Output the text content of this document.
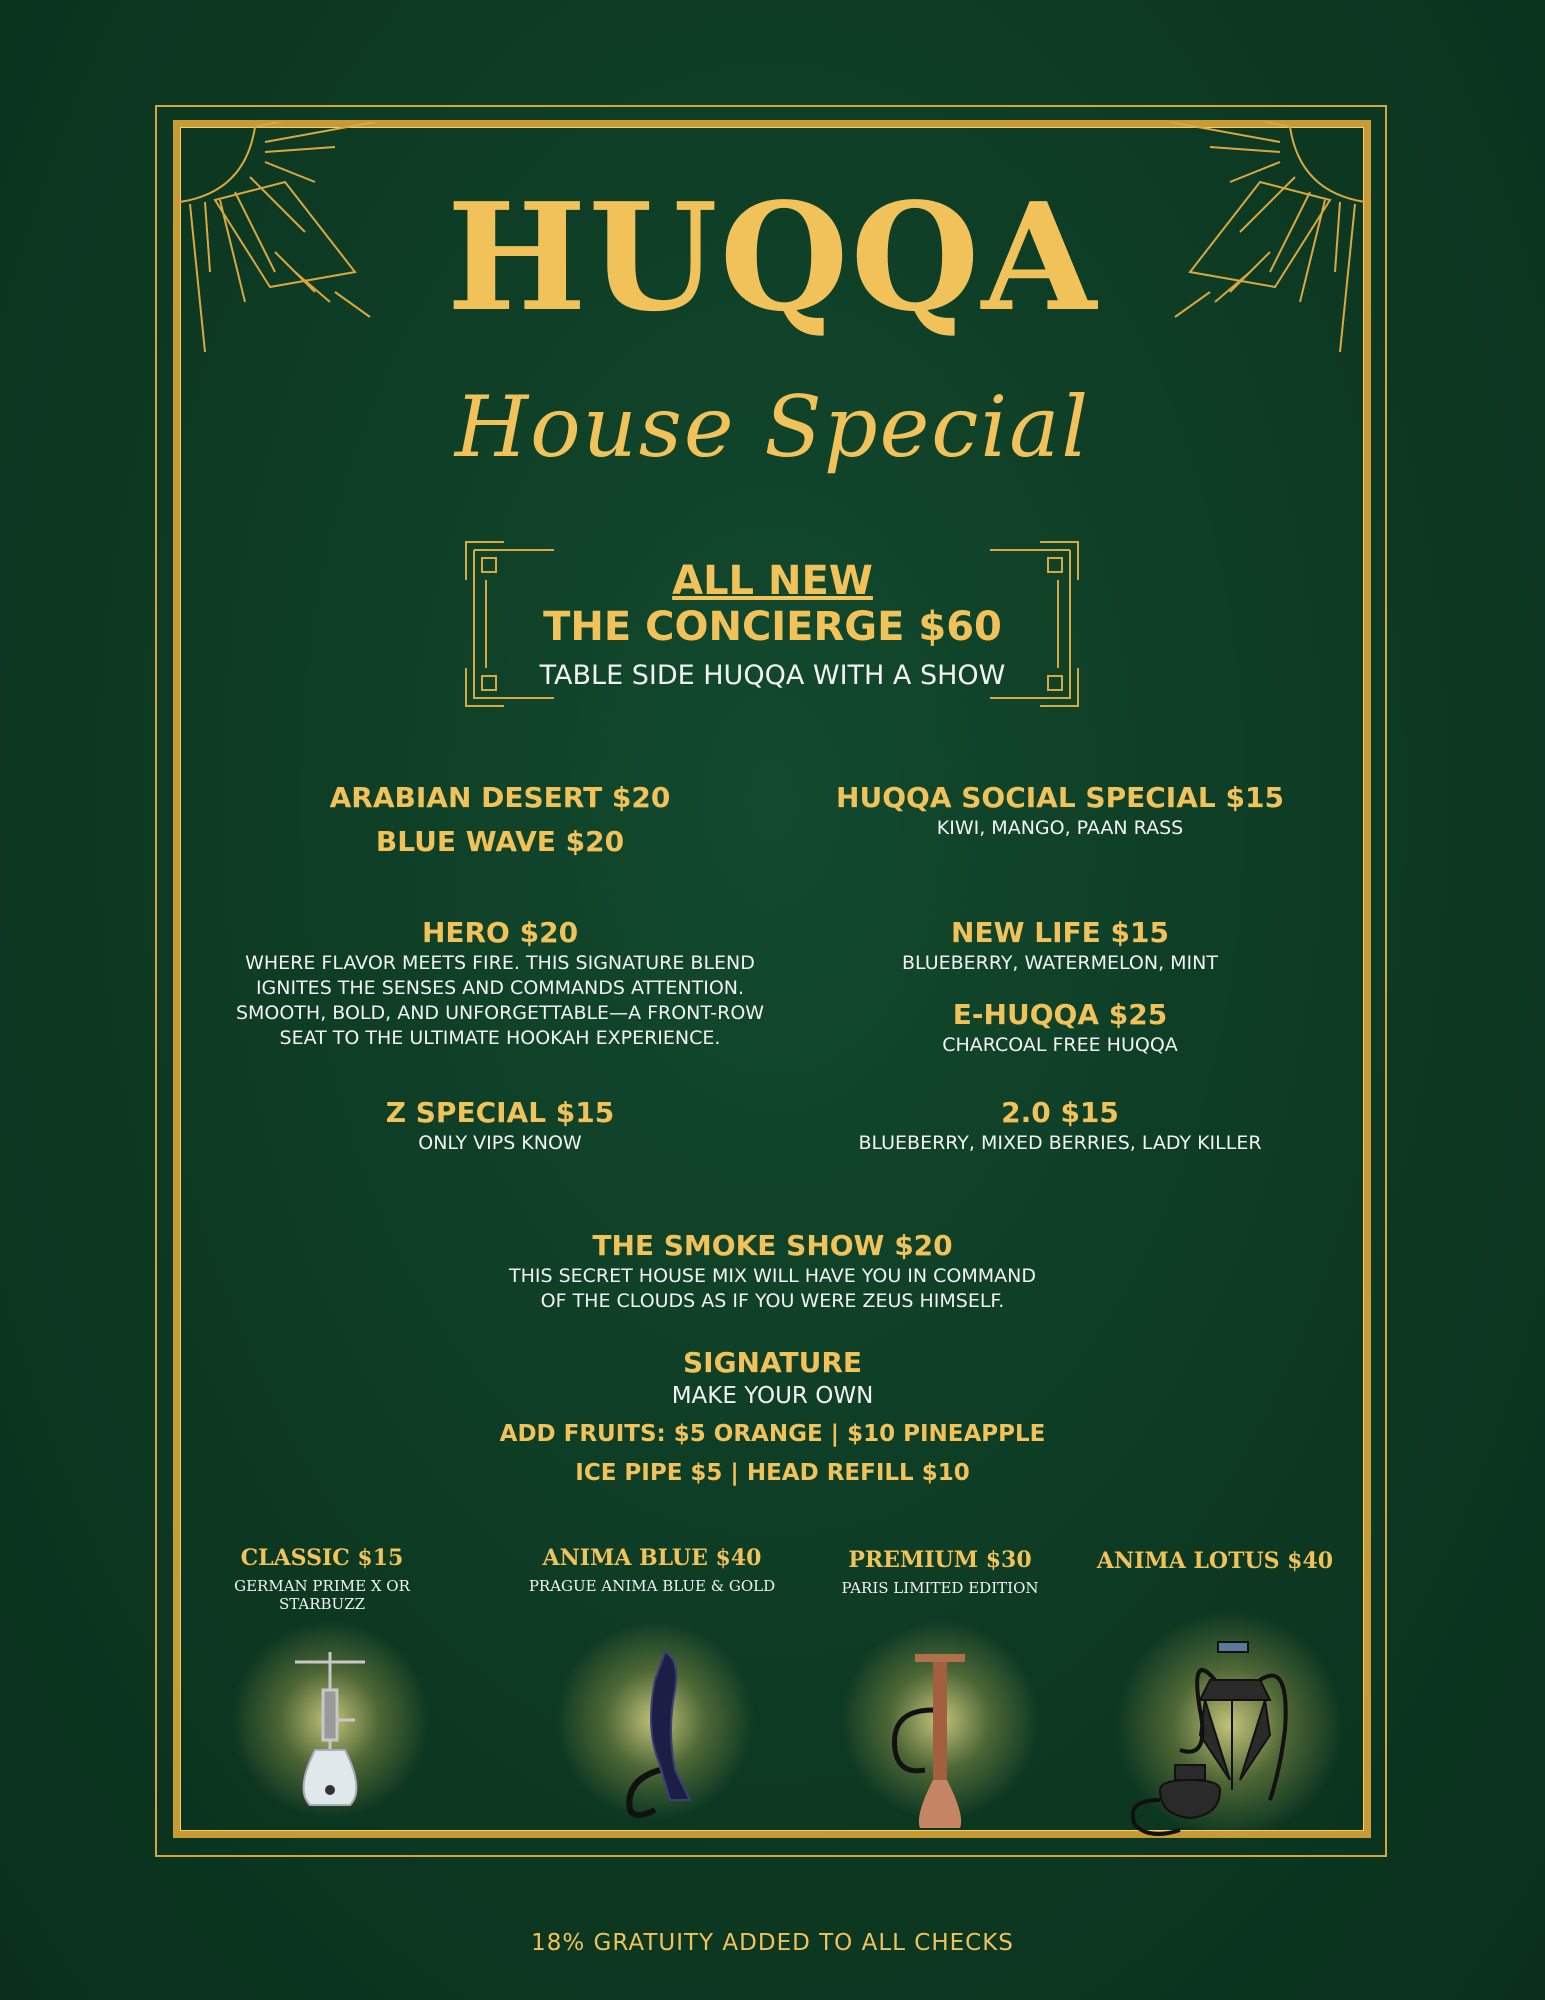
HUQQA
House Special
ALL NEW
THE CONCIERGE $60
TABLE SIDE HUQQA WITH A SHOW
ARABIAN DESERT $20
BLUE WAVE $20
HERO $20
WHERE FLAVOR MEETS FIRE. THIS SIGNATURE BLEND IGNITES THE SENSES AND COMMANDS ATTENTION. SMOOTH, BOLD, AND UNFORGETTABLE—A FRONT-ROW SEAT TO THE ULTIMATE HOOKAH EXPERIENCE.
Z SPECIAL $15
ONLY VIPS KNOW
HUQQA SOCIAL SPECIAL $15
KIWI, MANGO, PAAN RASS
NEW LIFE $15
BLUEBERRY, WATERMELON, MINT
E-HUQQA $25
CHARCOAL FREE HUQQA
2.0 $15
BLUEBERRY, MIXED BERRIES, LADY KILLER
THE SMOKE SHOW $20
THIS SECRET HOUSE MIX WILL HAVE YOU IN COMMAND
OF THE CLOUDS AS IF YOU WERE ZEUS HIMSELF.
SIGNATURE
MAKE YOUR OWN
ADD FRUITS: $5 ORANGE | $10 PINEAPPLE
ICE PIPE $5 | HEAD REFILL $10
CLASSIC $15
GERMAN PRIME X OR STARBUZZ
ANIMA BLUE $40
PRAGUE ANIMA BLUE & GOLD
PREMIUM $30
PARIS LIMITED EDITION
ANIMA LOTUS $40
18% GRATUITY ADDED TO ALL CHECKS
